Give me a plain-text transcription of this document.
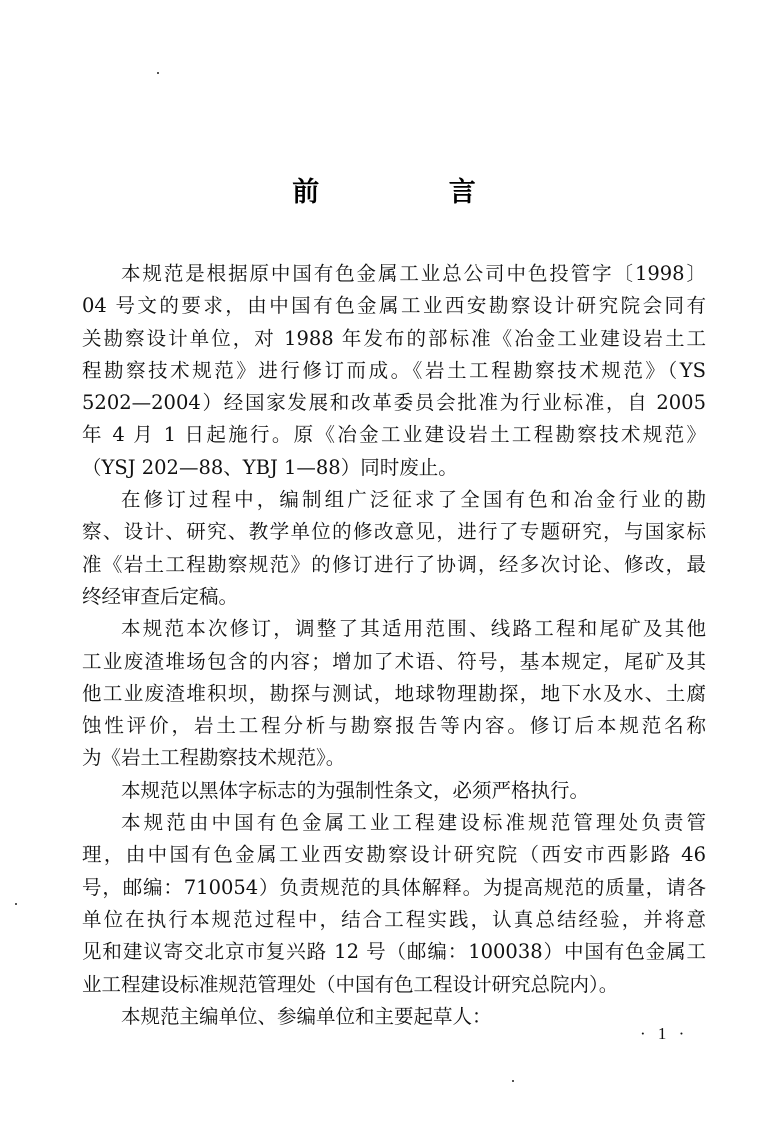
前 言
本规范是根据原中国有色金属工业总公司中色投管字〔1998〕
04 号文的要求，由中国有色金属工业西安勘察设计研究院会同有
关勘察设计单位，对 1988 年发布的部标准《冶金工业建设岩土工
程勘察技术规范》进行修订而成。《岩土工程勘察技术规范》（YS
5202—2004）经国家发展和改革委员会批准为行业标准，自 2005
年 4 月 1 日起施行。原《冶金工业建设岩土工程勘察技术规范》
（YSJ 202—88、YBJ 1—88）同时废止。
在修订过程中，编制组广泛征求了全国有色和冶金行业的勘
察、设计、研究、教学单位的修改意见，进行了专题研究，与国家标
准《岩土工程勘察规范》的修订进行了协调，经多次讨论、修改，最
终经审查后定稿。
本规范本次修订，调整了其适用范围、线路工程和尾矿及其他
工业废渣堆场包含的内容；增加了术语、符号，基本规定，尾矿及其
他工业废渣堆积坝，勘探与测试，地球物理勘探，地下水及水、土腐
蚀性评价，岩土工程分析与勘察报告等内容。修订后本规范名称
为《岩土工程勘察技术规范》。
本规范以黑体字标志的为强制性条文，必须严格执行。
本规范由中国有色金属工业工程建设标准规范管理处负责管
理，由中国有色金属工业西安勘察设计研究院（西安市西影路 46
号，邮编：710054）负责规范的具体解释。为提高规范的质量，请各
单位在执行本规范过程中，结合工程实践，认真总结经验，并将意
见和建议寄交北京市复兴路 12 号（邮编：100038）中国有色金属工
业工程建设标准规范管理处（中国有色工程设计研究总院内）。
本规范主编单位、参编单位和主要起草人：
· 1 ·
